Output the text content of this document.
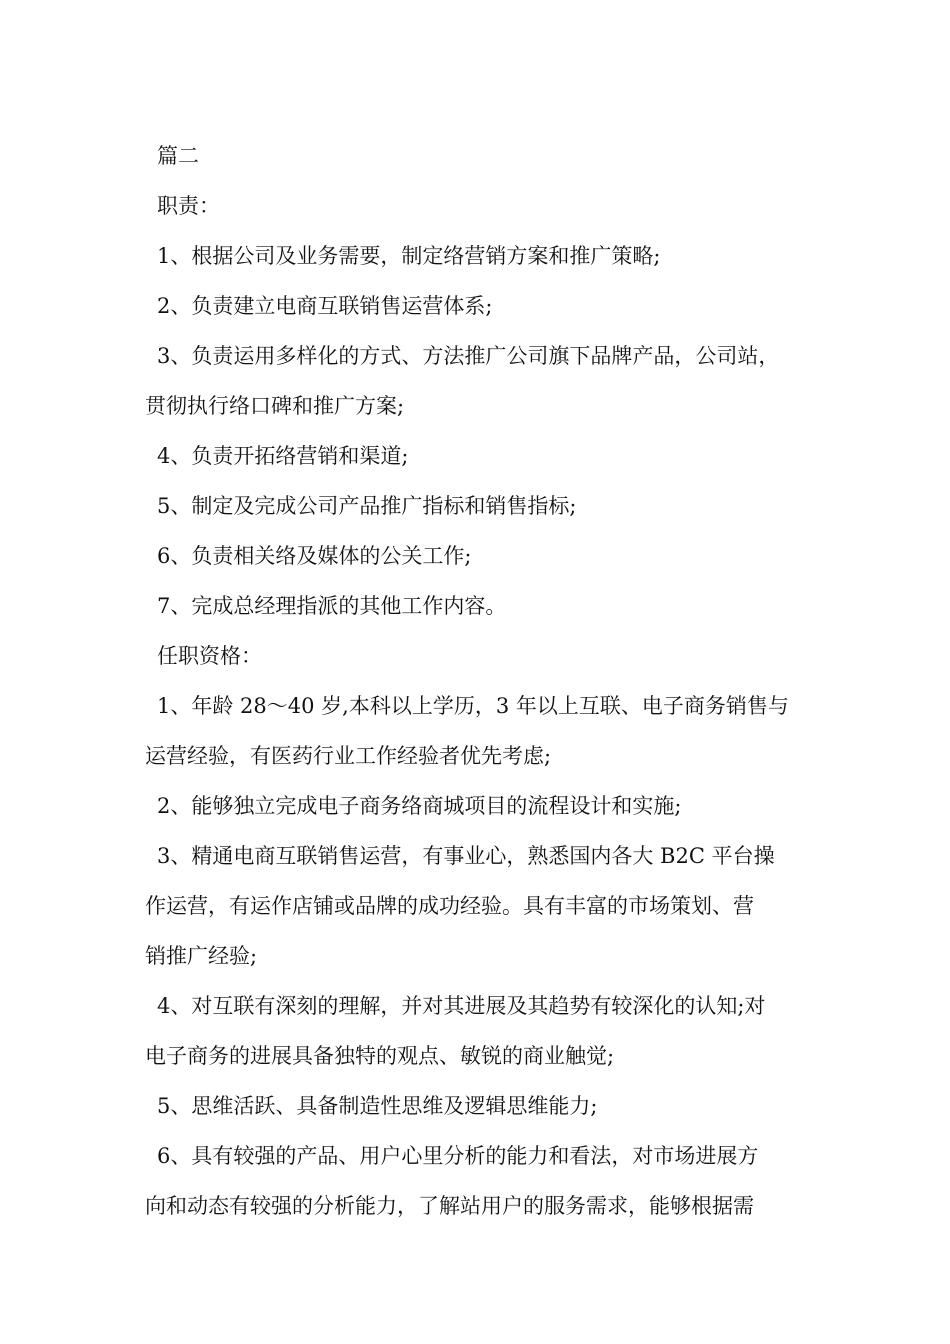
篇二
职责：
1、根据公司及业务需要，制定络营销方案和推广策略;
2、负责建立电商互联销售运营体系;
3、负责运用多样化的方式、方法推广公司旗下品牌产品，公司站，
贯彻执行络口碑和推广方案;
4、负责开拓络营销和渠道;
5、制定及完成公司产品推广指标和销售指标;
6、负责相关络及媒体的公关工作;
7、完成总经理指派的其他工作内容。
任职资格：
1、年龄 28～40 岁,本科以上学历，3 年以上互联、电子商务销售与
运营经验，有医药行业工作经验者优先考虑;
2、能够独立完成电子商务络商城项目的流程设计和实施;
3、精通电商互联销售运营，有事业心，熟悉国内各大 B2C 平台操
作运营，有运作店铺或品牌的成功经验。具有丰富的市场策划、营
销推广经验;
4、对互联有深刻的理解，并对其进展及其趋势有较深化的认知;对
电子商务的进展具备独特的观点、敏锐的商业触觉;
5、思维活跃、具备制造性思维及逻辑思维能力;
6、具有较强的产品、用户心里分析的能力和看法，对市场进展方
向和动态有较强的分析能力，了解站用户的服务需求，能够根据需
